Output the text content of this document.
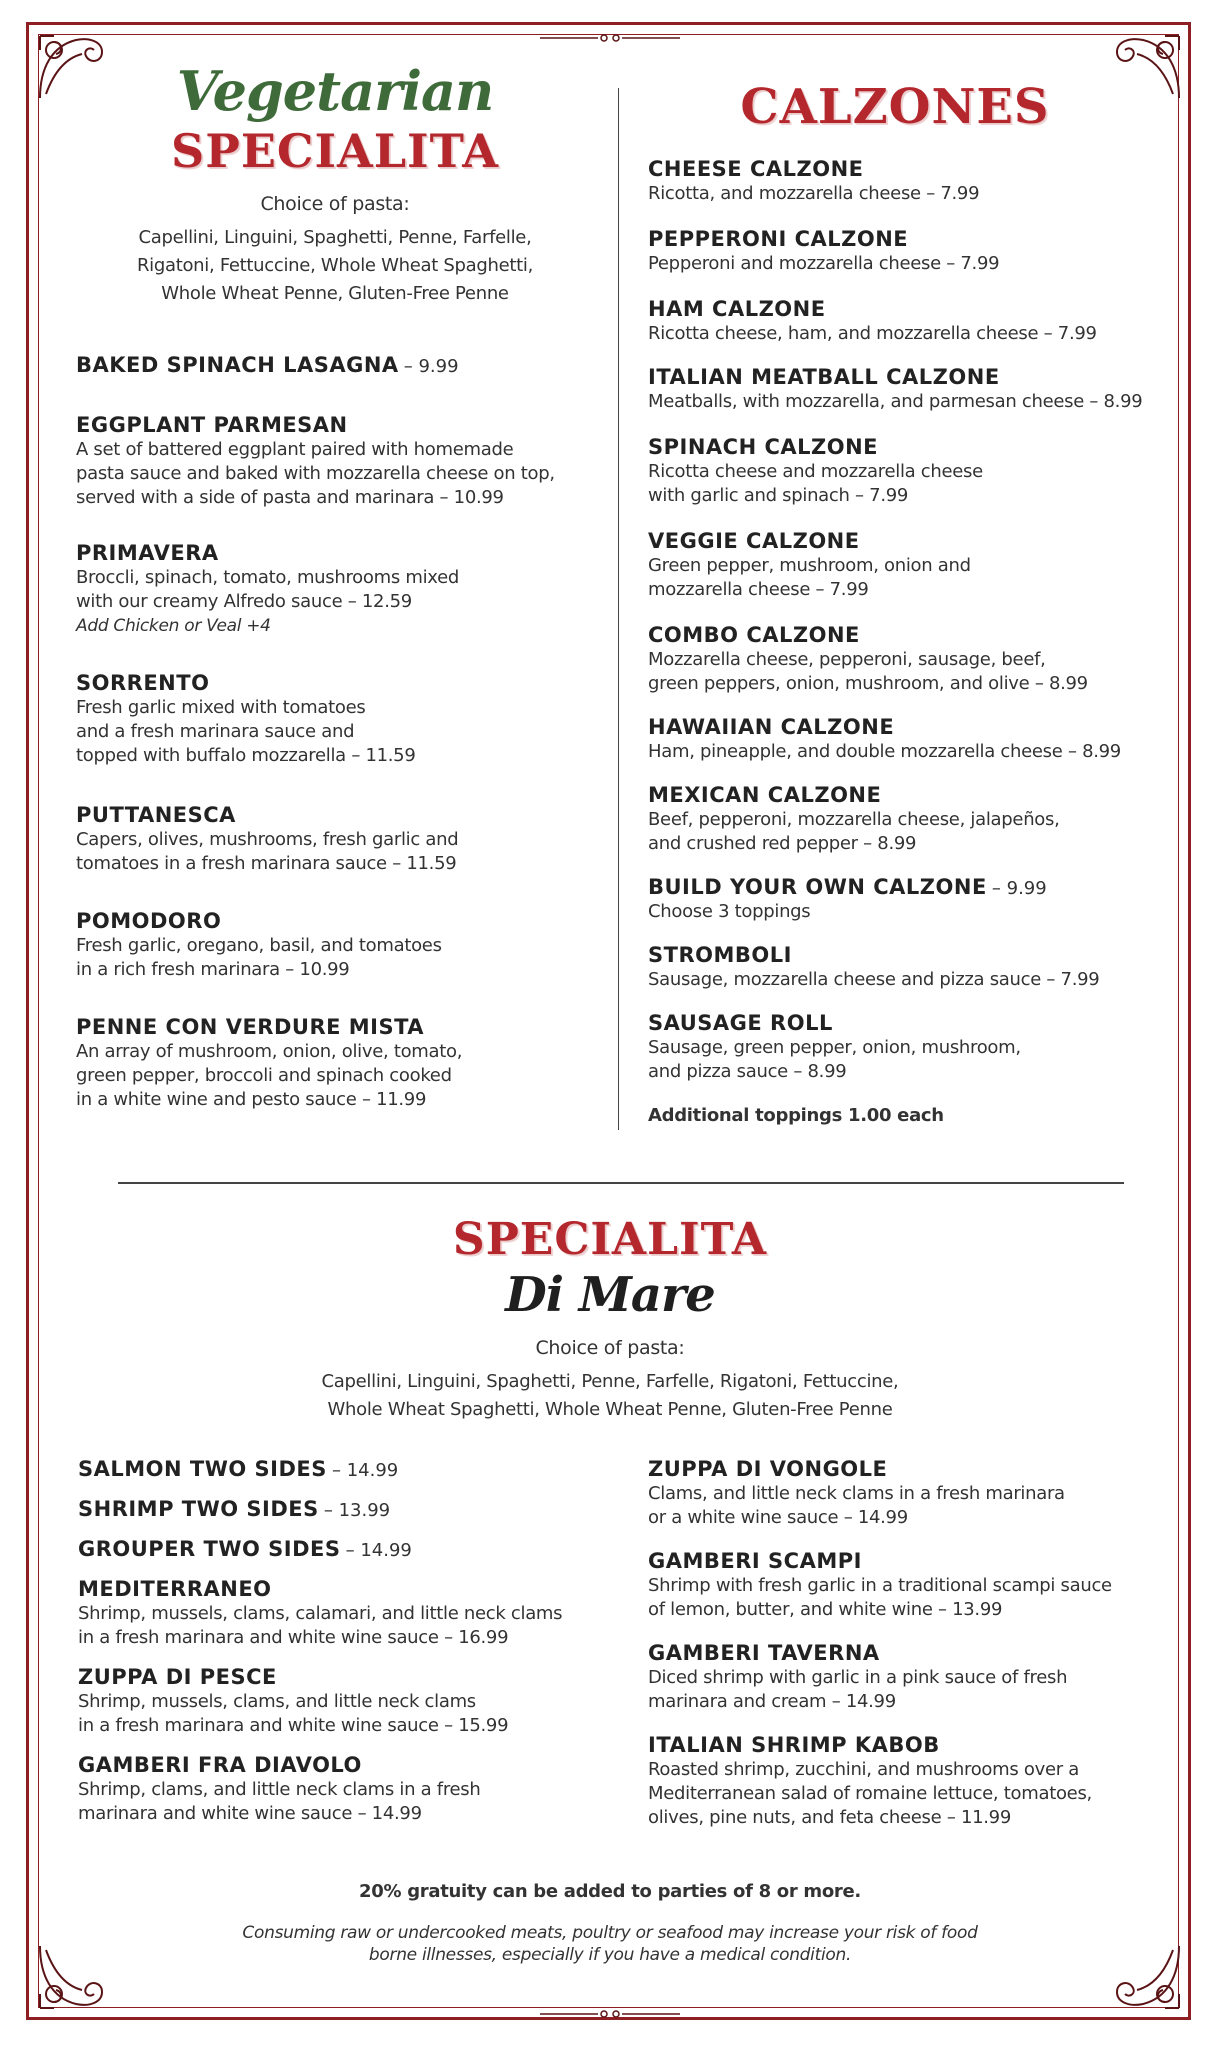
Vegetarian
SPECIALITA
Choice of pasta:
Capellini, Linguini, Spaghetti, Penne, Farfelle,
Rigatoni, Fettuccine, Whole Wheat Spaghetti,
Whole Wheat Penne, Gluten-Free Penne
BAKED SPINACH LASAGNA – 9.99
EGGPLANT PARMESAN
A set of battered eggplant paired with homemade
pasta sauce and baked with mozzarella cheese on top,
served with a side of pasta and marinara – 10.99
PRIMAVERA
Broccli, spinach, tomato, mushrooms mixed
with our creamy Alfredo sauce – 12.59
Add Chicken or Veal +4
SORRENTO
Fresh garlic mixed with tomatoes
and a fresh marinara sauce and
topped with buffalo mozzarella – 11.59
PUTTANESCA
Capers, olives, mushrooms, fresh garlic and
tomatoes in a fresh marinara sauce – 11.59
POMODORO
Fresh garlic, oregano, basil, and tomatoes
in a rich fresh marinara – 10.99
PENNE CON VERDURE MISTA
An array of mushroom, onion, olive, tomato,
green pepper, broccoli and spinach cooked
in a white wine and pesto sauce – 11.99
CALZONES
CHEESE CALZONE
Ricotta, and mozzarella cheese – 7.99
PEPPERONI CALZONE
Pepperoni and mozzarella cheese – 7.99
HAM CALZONE
Ricotta cheese, ham, and mozzarella cheese – 7.99
ITALIAN MEATBALL CALZONE
Meatballs, with mozzarella, and parmesan cheese – 8.99
SPINACH CALZONE
Ricotta cheese and mozzarella cheese
with garlic and spinach – 7.99
VEGGIE CALZONE
Green pepper, mushroom, onion and
mozzarella cheese – 7.99
COMBO CALZONE
Mozzarella cheese, pepperoni, sausage, beef,
green peppers, onion, mushroom, and olive – 8.99
HAWAIIAN CALZONE
Ham, pineapple, and double mozzarella cheese – 8.99
MEXICAN CALZONE
Beef, pepperoni, mozzarella cheese, jalapeños,
and crushed red pepper – 8.99
BUILD YOUR OWN CALZONE – 9.99
Choose 3 toppings
STROMBOLI
Sausage, mozzarella cheese and pizza sauce – 7.99
SAUSAGE ROLL
Sausage, green pepper, onion, mushroom,
and pizza sauce – 8.99
Additional toppings 1.00 each
SPECIALITA
Di Mare
Choice of pasta:
Capellini, Linguini, Spaghetti, Penne, Farfelle, Rigatoni, Fettuccine,
Whole Wheat Spaghetti, Whole Wheat Penne, Gluten-Free Penne
SALMON TWO SIDES – 14.99
SHRIMP TWO SIDES – 13.99
GROUPER TWO SIDES – 14.99
MEDITERRANEO
Shrimp, mussels, clams, calamari, and little neck clams
in a fresh marinara and white wine sauce – 16.99
ZUPPA DI PESCE
Shrimp, mussels, clams, and little neck clams
in a fresh marinara and white wine sauce – 15.99
GAMBERI FRA DIAVOLO
Shrimp, clams, and little neck clams in a fresh
marinara and white wine sauce – 14.99
ZUPPA DI VONGOLE
Clams, and little neck clams in a fresh marinara
or a white wine sauce – 14.99
GAMBERI SCAMPI
Shrimp with fresh garlic in a traditional scampi sauce
of lemon, butter, and white wine – 13.99
GAMBERI TAVERNA
Diced shrimp with garlic in a pink sauce of fresh
marinara and cream – 14.99
ITALIAN SHRIMP KABOB
Roasted shrimp, zucchini, and mushrooms over a
Mediterranean salad of romaine lettuce, tomatoes,
olives, pine nuts, and feta cheese – 11.99
20% gratuity can be added to parties of 8 or more.
Consuming raw or undercooked meats, poultry or seafood may increase your risk of food
borne illnesses, especially if you have a medical condition.
